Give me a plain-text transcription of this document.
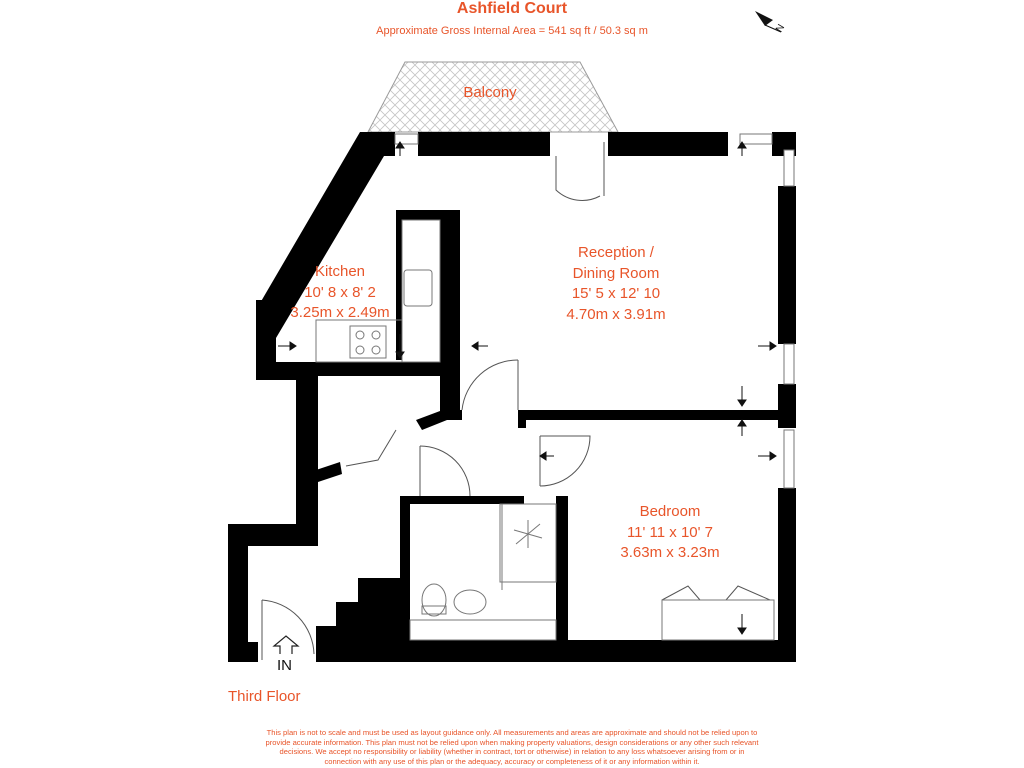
Ashfield Court
Approximate Gross Internal Area = 541 sq ft / 50.3 sq m
Balcony
Kitchen
10' 8 x 8' 2
3.25m x 2.49m
Reception /
Dining Room
15' 5 x 12' 10
4.70m x 3.91m
Bedroom
11' 11 x 10' 7
3.63m x 3.23m
IN
N
Third Floor
This plan is not to scale and must be used as layout guidance only. All measurements and areas are approximate and should not be relied upon to
provide accurate information. This plan must not be relied upon when making property valuations, design considerations or any other such relevant
decisions. We accept no responsibility or liability (whether in contract, tort or otherwise) in relation to any loss whatsoever arising from or in
connection with any use of this plan or the adequacy, accuracy or completeness of it or any information within it.
